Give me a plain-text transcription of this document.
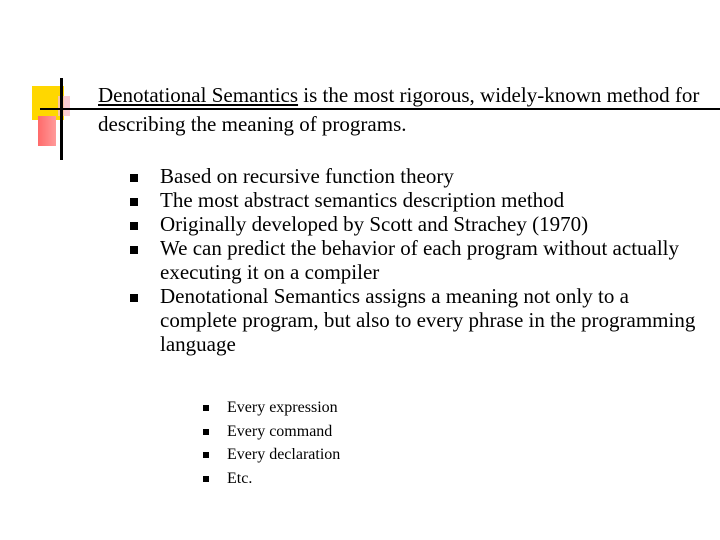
Denotational Semantics is the most rigorous, widely-known method for describing the meaning of programs.
Based on recursive function theory
The most abstract semantics description method
Originally developed by Scott and Strachey (1970)
We can predict the behavior of each program without actually executing it on a compiler
Denotational Semantics assigns a meaning not only to a complete program, but also to every phrase in the programming language
Every expression
Every command
Every declaration
Etc.
